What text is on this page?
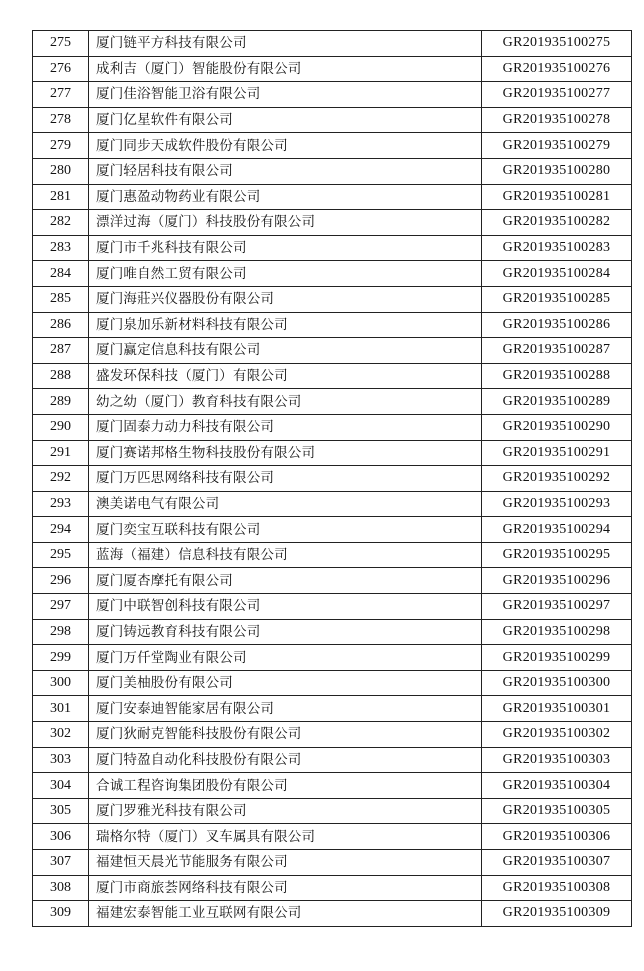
275	厦门链平方科技有限公司	GR201935100275
276	成利吉（厦门）智能股份有限公司	GR201935100276
277	厦门佳浴智能卫浴有限公司	GR201935100277
278	厦门亿星软件有限公司	GR201935100278
279	厦门同步天成软件股份有限公司	GR201935100279
280	厦门轻居科技有限公司	GR201935100280
281	厦门惠盈动物药业有限公司	GR201935100281
282	漂洋过海（厦门）科技股份有限公司	GR201935100282
283	厦门市千兆科技有限公司	GR201935100283
284	厦门唯自然工贸有限公司	GR201935100284
285	厦门海莊兴仪器股份有限公司	GR201935100285
286	厦门泉加乐新材料科技有限公司	GR201935100286
287	厦门赢定信息科技有限公司	GR201935100287
288	盛发环保科技（厦门）有限公司	GR201935100288
289	幼之幼（厦门）教育科技有限公司	GR201935100289
290	厦门固泰力动力科技有限公司	GR201935100290
291	厦门赛诺邦格生物科技股份有限公司	GR201935100291
292	厦门万匹思网络科技有限公司	GR201935100292
293	澳美诺电气有限公司	GR201935100293
294	厦门奕宝互联科技有限公司	GR201935100294
295	蓝海（福建）信息科技有限公司	GR201935100295
296	厦门厦杏摩托有限公司	GR201935100296
297	厦门中联智创科技有限公司	GR201935100297
298	厦门铸远教育科技有限公司	GR201935100298
299	厦门万仟堂陶业有限公司	GR201935100299
300	厦门美柚股份有限公司	GR201935100300
301	厦门安泰迪智能家居有限公司	GR201935100301
302	厦门狄耐克智能科技股份有限公司	GR201935100302
303	厦门特盈自动化科技股份有限公司	GR201935100303
304	合诚工程咨询集团股份有限公司	GR201935100304
305	厦门罗雅光科技有限公司	GR201935100305
306	瑞格尔特（厦门）叉车属具有限公司	GR201935100306
307	福建恒天晨光节能服务有限公司	GR201935100307
308	厦门市商旅荟网络科技有限公司	GR201935100308
309	福建宏泰智能工业互联网有限公司	GR201935100309
